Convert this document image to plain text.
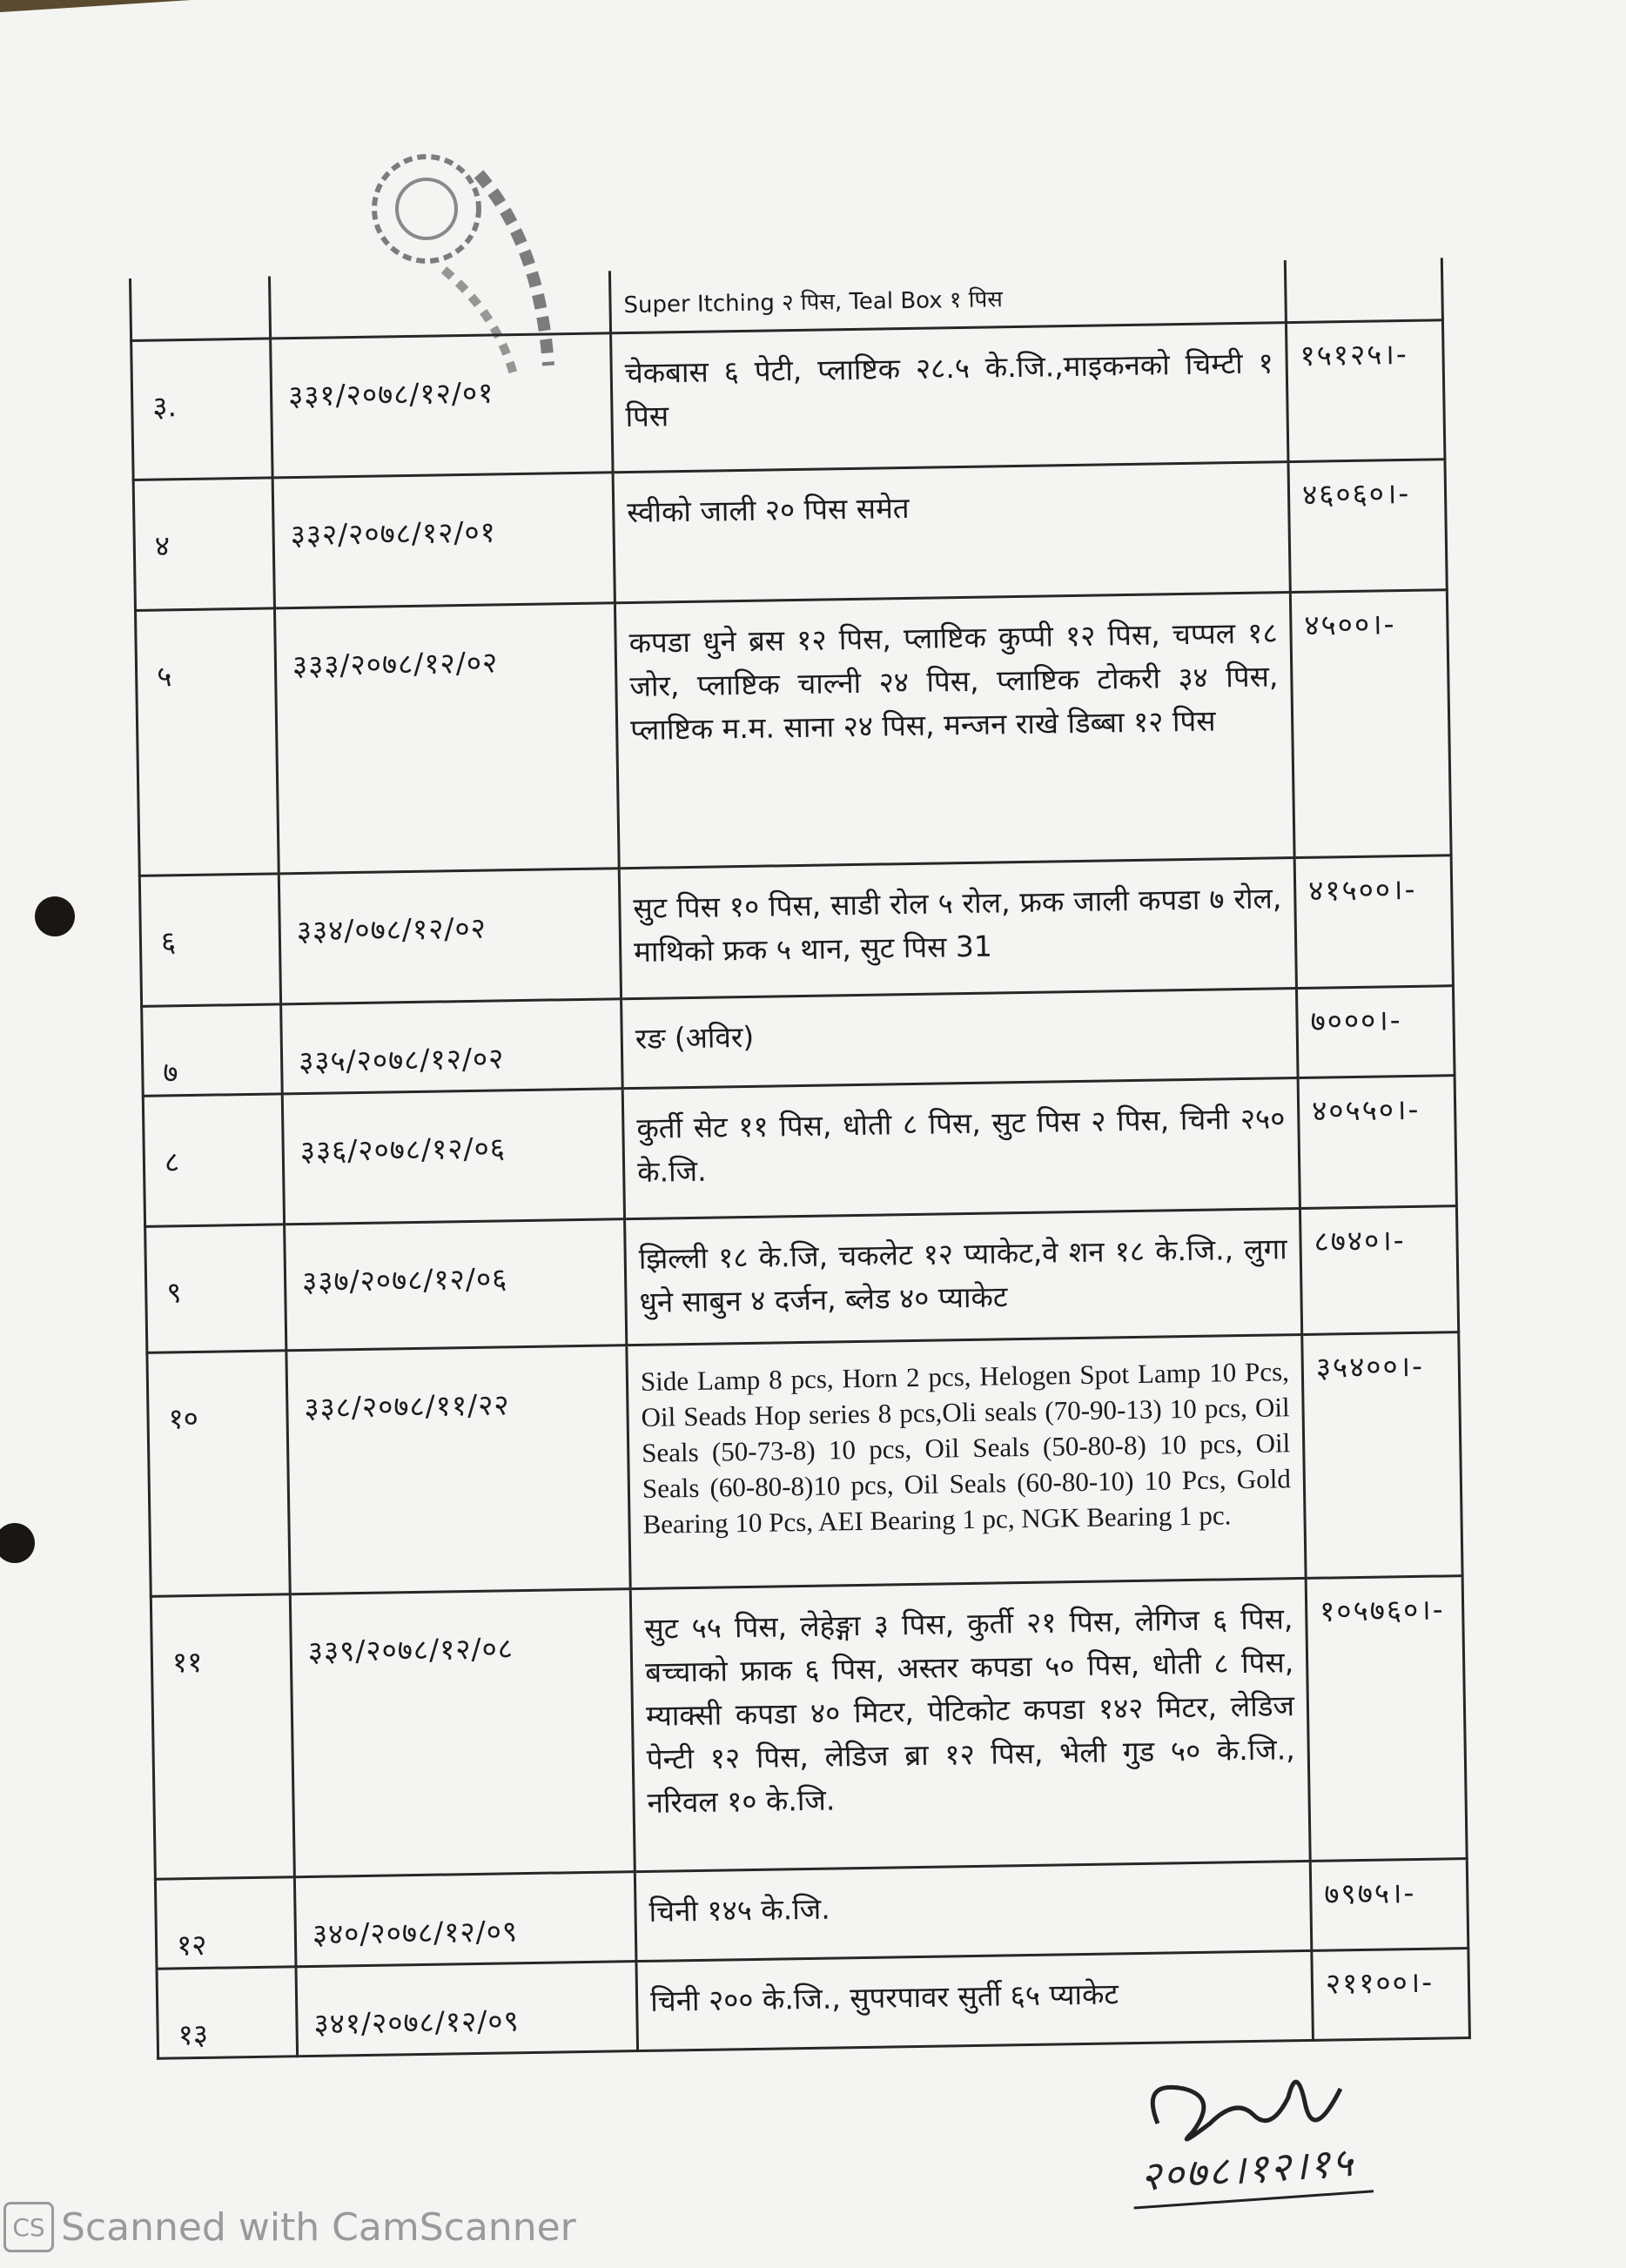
		Super Itching २ पिस, Teal Box १ पिस	
३.	३३१/२०७८/१२/०१	चेकबास ६ पेटी, प्लाष्टिक २८.५ के.जि.,माइकनको चिम्टी १ पिस	१५१२५।-
४	३३२/२०७८/१२/०१	स्वीको जाली २० पिस समेत	४६०६०।-
५	३३३/२०७८/१२/०२	कपडा धुने ब्रस १२ पिस, प्लाष्टिक कुप्पी १२ पिस, चप्पल १८ जोर, प्लाष्टिक चाल्नी २४ पिस, प्लाष्टिक टोकरी ३४ पिस, प्लाष्टिक म.म. साना २४ पिस, मन्जन राखे डिब्बा १२ पिस	४५००।-
६	३३४/०७८/१२/०२	सुट पिस १० पिस, साडी रोल ५ रोल, फ्रक जाली कपडा ७ रोल, माथिको फ्रक ५ थान, सुट पिस 31	४१५००।-
७	३३५/२०७८/१२/०२	रङ (अविर)	७०००।-
८	३३६/२०७८/१२/०६	कुर्ती सेट ११ पिस, धोती ८ पिस, सुट पिस २ पिस, चिनी २५० के.जि.	४०५५०।-
९	३३७/२०७८/१२/०६	झिल्ली १८ के.जि, चकलेट १२ प्याकेट,वे शन १८ के.जि., लुगा धुने साबुन ४ दर्जन, ब्लेड ४० प्याकेट	८७४०।-
१०	३३८/२०७८/११/२२	Side Lamp 8 pcs, Horn 2 pcs, Helogen Spot Lamp 10 Pcs, Oil Seads Hop series 8 pcs,Oli seals (70-90-13) 10 pcs, Oil Seals (50-73-8) 10 pcs, Oil Seals (50-80-8) 10 pcs, Oil Seals (60-80-8)10 pcs, Oil Seals (60-80-10) 10 Pcs, Gold Bearing 10 Pcs, AEI Bearing 1 pc, NGK Bearing 1 pc.	३५४००।-
११	३३९/२०७८/१२/०८	सुट ५५ पिस, लेहेङ्गा ३ पिस, कुर्ती २१ पिस, लेगिज ६ पिस, बच्चाको फ्राक ६ पिस, अस्तर कपडा ५० पिस, धोती ८ पिस, म्याक्सी कपडा ४० मिटर, पेटिकोट कपडा १४२ मिटर, लेडिज पेन्टी १२ पिस, लेडिज ब्रा १२ पिस, भेली गुड ५० के.जि., नरिवल १० के.जि.	१०५७६०।-
१२	३४०/२०७८/१२/०९	चिनी १४५ के.जि.	७९७५।-
१३	३४१/२०७८/१२/०९	चिनी २०० के.जि., सुपरपावर सुर्ती ६५ प्याकेट	२११००।-
२०७८।१२।१५
CS Scanned with CamScanner
